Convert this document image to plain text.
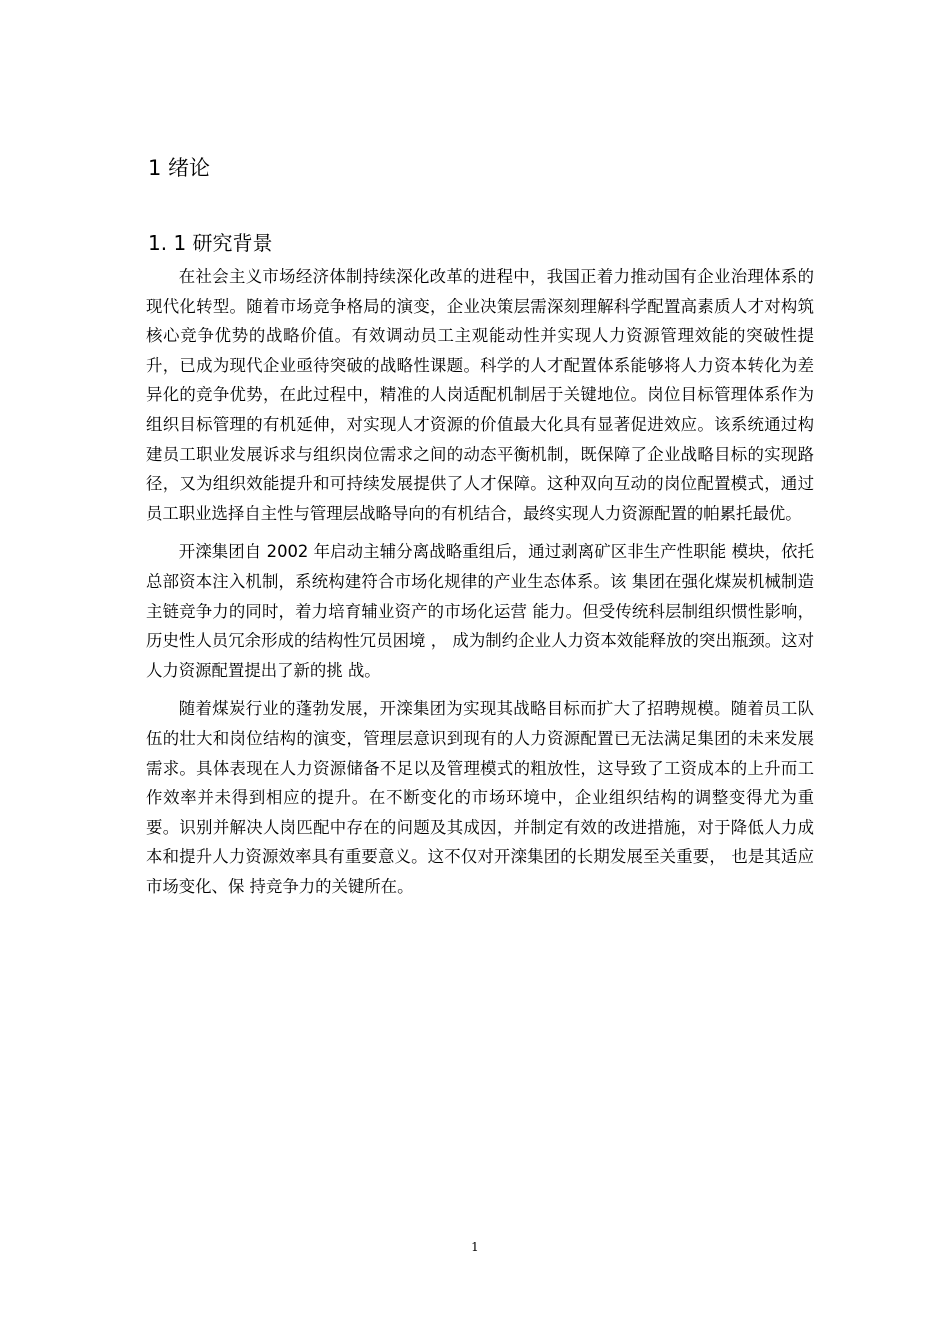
1 绪论
1. 1 研究背景

在社会主义市场经济体制持续深化改革的进程中，我国正着力推动国有企业治理体系的现代化转型。随着市场竞争格局的演变，企业决策层需深刻理解科学配置高素质人才对构筑核心竞争优势的战略价值。有效调动员工主观能动性并实现人力资源管理效能的突破性提升，已成为现代企业亟待突破的战略性课题。科学的人才配置体系能够将人力资本转化为差异化的竞争优势，在此过程中，精准的人岗适配机制居于关键地位。岗位目标管理体系作为组织目标管理的有机延伸，对实现人才资源的价值最大化具有显著促进效应。该系统通过构建员工职业发展诉求与组织岗位需求之间的动态平衡机制，既保障了企业战略目标的实现路径，又为组织效能提升和可持续发展提供了人才保障。这种双向互动的岗位配置模式，通过员工职业选择自主性与管理层战略导向的有机结合，最终实现人力资源配置的帕累托最优。

开滦集团自 2002 年启动主辅分离战略重组后，通过剥离矿区非生产性职能 模块，依托总部资本注入机制，系统构建符合市场化规律的产业生态体系。该 集团在强化煤炭机械制造主链竞争力的同时，着力培育辅业资产的市场化运营 能力。但受传统科层制组织惯性影响，历史性人员冗余形成的结构性冗员困境 ， 成为制约企业人力资本效能释放的突出瓶颈。这对人力资源配置提出了新的挑 战。

随着煤炭行业的蓬勃发展，开滦集团为实现其战略目标而扩大了招聘规模。随着员工队伍的壮大和岗位结构的演变，管理层意识到现有的人力资源配置已无法满足集团的未来发展需求。具体表现在人力资源储备不足以及管理模式的粗放性，这导致了工资成本的上升而工作效率并未得到相应的提升。在不断变化的市场环境中，企业组织结构的调整变得尤为重要。识别并解决人岗匹配中存在的问题及其成因，并制定有效的改进措施，对于降低人力成本和提升人力资源效率具有重要意义。这不仅对开滦集团的长期发展至关重要， 也是其适应市场变化、保 持竞争力的关键所在。

1
